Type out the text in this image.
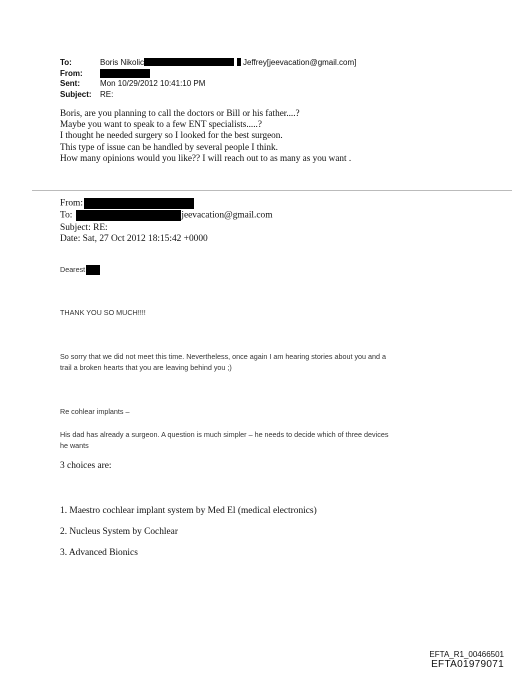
To:	Boris Nikolic	Jeffrey[jeevacation@gmail.com]
From:
Sent:	Mon 10/29/2012 10:41:10 PM
Subject:	RE:
Boris, are you planning to call the doctors or Bill or his father....?
Maybe you want to speak to a few ENT specialists.....?
I thought he needed surgery so I looked for the best surgeon.
This type of issue can be handled by several people I think.
How many opinions would you like?? I will reach out to as many as you want .
From:
To:	jeevacation@gmail.com
Subject: RE:
Date: Sat, 27 Oct 2012 18:15:42 +0000
Dearest
THANK YOU SO MUCH!!!!
So sorry that we did not meet this time. Nevertheless, once again I am hearing stories about you and a
trail a broken hearts that you are leaving behind you ;)
Re cohlear implants –
His dad has already a surgeon. A question is much simpler – he needs to decide which of three devices
he wants
3 choices are:
1. Maestro cochlear implant system by Med El (medical electronics)
2. Nucleus System by Cochlear
3. Advanced Bionics
EFTA_R1_00466501
EFTA01979071
